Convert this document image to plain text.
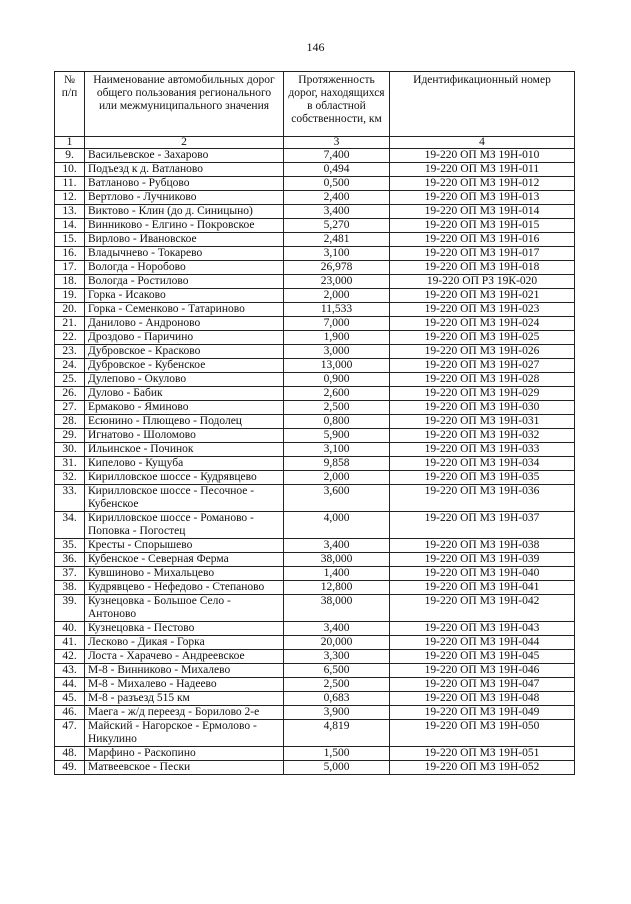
146
№ п/п	Наименование автомобильных дорог общего пользования регионального или межмуниципального значения	Протяженность дорог, находящихся в областной собственности, км	Идентификационный номер
1	2	3	4
9.	Васильевское - Захарово	7,400	19-220 ОП МЗ 19Н-010
10.	Подъезд к д. Ватланово	0,494	19-220 ОП МЗ 19Н-011
11.	Ватланово - Рубцово	0,500	19-220 ОП МЗ 19Н-012
12.	Вертлово - Лучниково	2,400	19-220 ОП МЗ 19Н-013
13.	Виктово - Клин (до д. Синицыно)	3,400	19-220 ОП МЗ 19Н-014
14.	Винниково - Елгино - Покровское	5,270	19-220 ОП МЗ 19Н-015
15.	Вирлово - Ивановское	2,481	19-220 ОП МЗ 19Н-016
16.	Владычнево - Токарево	3,100	19-220 ОП МЗ 19Н-017
17.	Вологда - Норобово	26,978	19-220 ОП МЗ 19Н-018
18.	Вологда - Ростилово	23,000	19-220 ОП РЗ 19К-020
19.	Горка - Исаково	2,000	19-220 ОП МЗ 19Н-021
20.	Горка - Семенково - Татариново	11,533	19-220 ОП МЗ 19Н-023
21.	Данилово - Андроново	7,000	19-220 ОП МЗ 19Н-024
22.	Дроздово - Паричино	1,900	19-220 ОП МЗ 19Н-025
23.	Дубровское - Красково	3,000	19-220 ОП МЗ 19Н-026
24.	Дубровское - Кубенское	13,000	19-220 ОП МЗ 19Н-027
25.	Дулепово - Окулово	0,900	19-220 ОП МЗ 19Н-028
26.	Дулово - Бабик	2,600	19-220 ОП МЗ 19Н-029
27.	Ермаково - Яминово	2,500	19-220 ОП МЗ 19Н-030
28.	Есюнино - Плющево - Подолец	0,800	19-220 ОП МЗ 19Н-031
29.	Игнатово - Шоломово	5,900	19-220 ОП МЗ 19Н-032
30.	Ильинское - Починок	3,100	19-220 ОП МЗ 19Н-033
31.	Кипелово - Кущуба	9,858	19-220 ОП МЗ 19Н-034
32.	Кирилловское шоссе - Кудрявцево	2,000	19-220 ОП МЗ 19Н-035
33.	Кирилловское шоссе - Песочное - Кубенское	3,600	19-220 ОП МЗ 19Н-036
34.	Кирилловское шоссе - Романово - Поповка - Погостец	4,000	19-220 ОП МЗ 19Н-037
35.	Кресты - Спорышево	3,400	19-220 ОП МЗ 19Н-038
36.	Кубенское - Северная Ферма	38,000	19-220 ОП МЗ 19Н-039
37.	Кувшиново - Михальцево	1,400	19-220 ОП МЗ 19Н-040
38.	Кудрявцево - Нефедово - Степаново	12,800	19-220 ОП МЗ 19Н-041
39.	Кузнецовка - Большое Село - Антоново	38,000	19-220 ОП МЗ 19Н-042
40.	Кузнецовка - Пестово	3,400	19-220 ОП МЗ 19Н-043
41.	Лесково - Дикая - Горка	20,000	19-220 ОП МЗ 19Н-044
42.	Лоста - Харачево - Андреевское	3,300	19-220 ОП МЗ 19Н-045
43.	М-8 - Винниково - Михалево	6,500	19-220 ОП МЗ 19Н-046
44.	М-8 - Михалево - Надеево	2,500	19-220 ОП МЗ 19Н-047
45.	М-8 - разъезд 515 км	0,683	19-220 ОП МЗ 19Н-048
46.	Маега - ж/д переезд - Борилово 2-е	3,900	19-220 ОП МЗ 19Н-049
47.	Майский - Нагорское - Ермолово - Никулино	4,819	19-220 ОП МЗ 19Н-050
48.	Марфино - Раскопино	1,500	19-220 ОП МЗ 19Н-051
49.	Матвеевское - Пески	5,000	19-220 ОП МЗ 19Н-052
